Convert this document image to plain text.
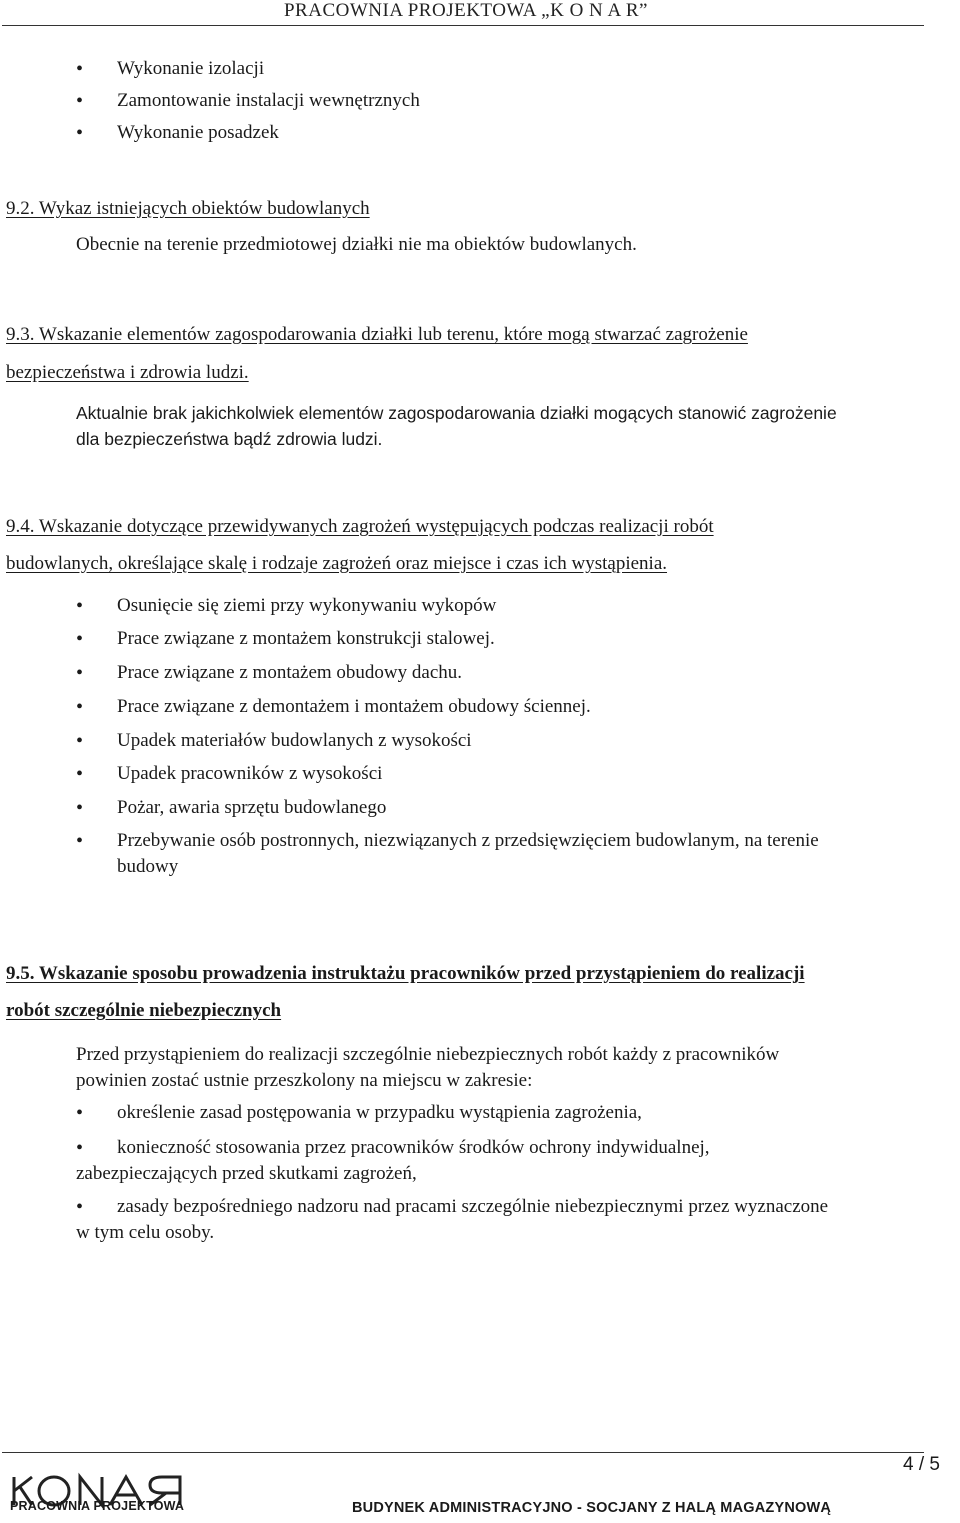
PRACOWNIA PROJEKTOWA „K O N A R”
Wykonanie izolacji
Zamontowanie instalacji wewnętrznych
Wykonanie posadzek
9.2. Wykaz istniejących obiektów budowlanych
Obecnie na terenie przedmiotowej działki nie ma obiektów budowlanych.
9.3. Wskazanie elementów zagospodarowania działki lub terenu, które mogą stwarzać zagrożenie
bezpieczeństwa i zdrowia ludzi.
Aktualnie brak jakichkolwiek elementów zagospodarowania działki mogących stanowić zagrożenie
dla bezpieczeństwa bądź zdrowia ludzi.
9.4. Wskazanie dotyczące przewidywanych zagrożeń występujących podczas realizacji robót
budowlanych, określające skalę i rodzaje zagrożeń oraz miejsce i czas ich wystąpienia.
Osunięcie się ziemi przy wykonywaniu wykopów
Prace związane z montażem konstrukcji stalowej.
Prace związane z montażem obudowy dachu.
Prace związane z demontażem i montażem obudowy ściennej.
Upadek materiałów budowlanych z wysokości
Upadek pracowników z wysokości
Pożar, awaria sprzętu budowlanego
Przebywanie osób postronnych, niezwiązanych z przedsięwzięciem budowlanym, na terenie
budowy
9.5. Wskazanie sposobu prowadzenia instruktażu pracowników przed przystąpieniem do realizacji
robót szczególnie niebezpiecznych
Przed przystąpieniem do realizacji szczególnie niebezpiecznych robót każdy z pracowników
powinien zostać ustnie przeszkolony na miejscu w zakresie:
określenie zasad postępowania w przypadku wystąpienia zagrożenia,
konieczność stosowania przez pracowników środków ochrony indywidualnej,
zabezpieczających przed skutkami zagrożeń,
zasady bezpośredniego nadzoru nad pracami szczególnie niebezpiecznymi przez wyznaczone
w tym celu osoby.
4 / 5
PRACOWNIA PROJEKTOWA	BUDYNEK ADMINISTRACYJNO - SOCJANY Z HALĄ MAGAZYNOWĄ
